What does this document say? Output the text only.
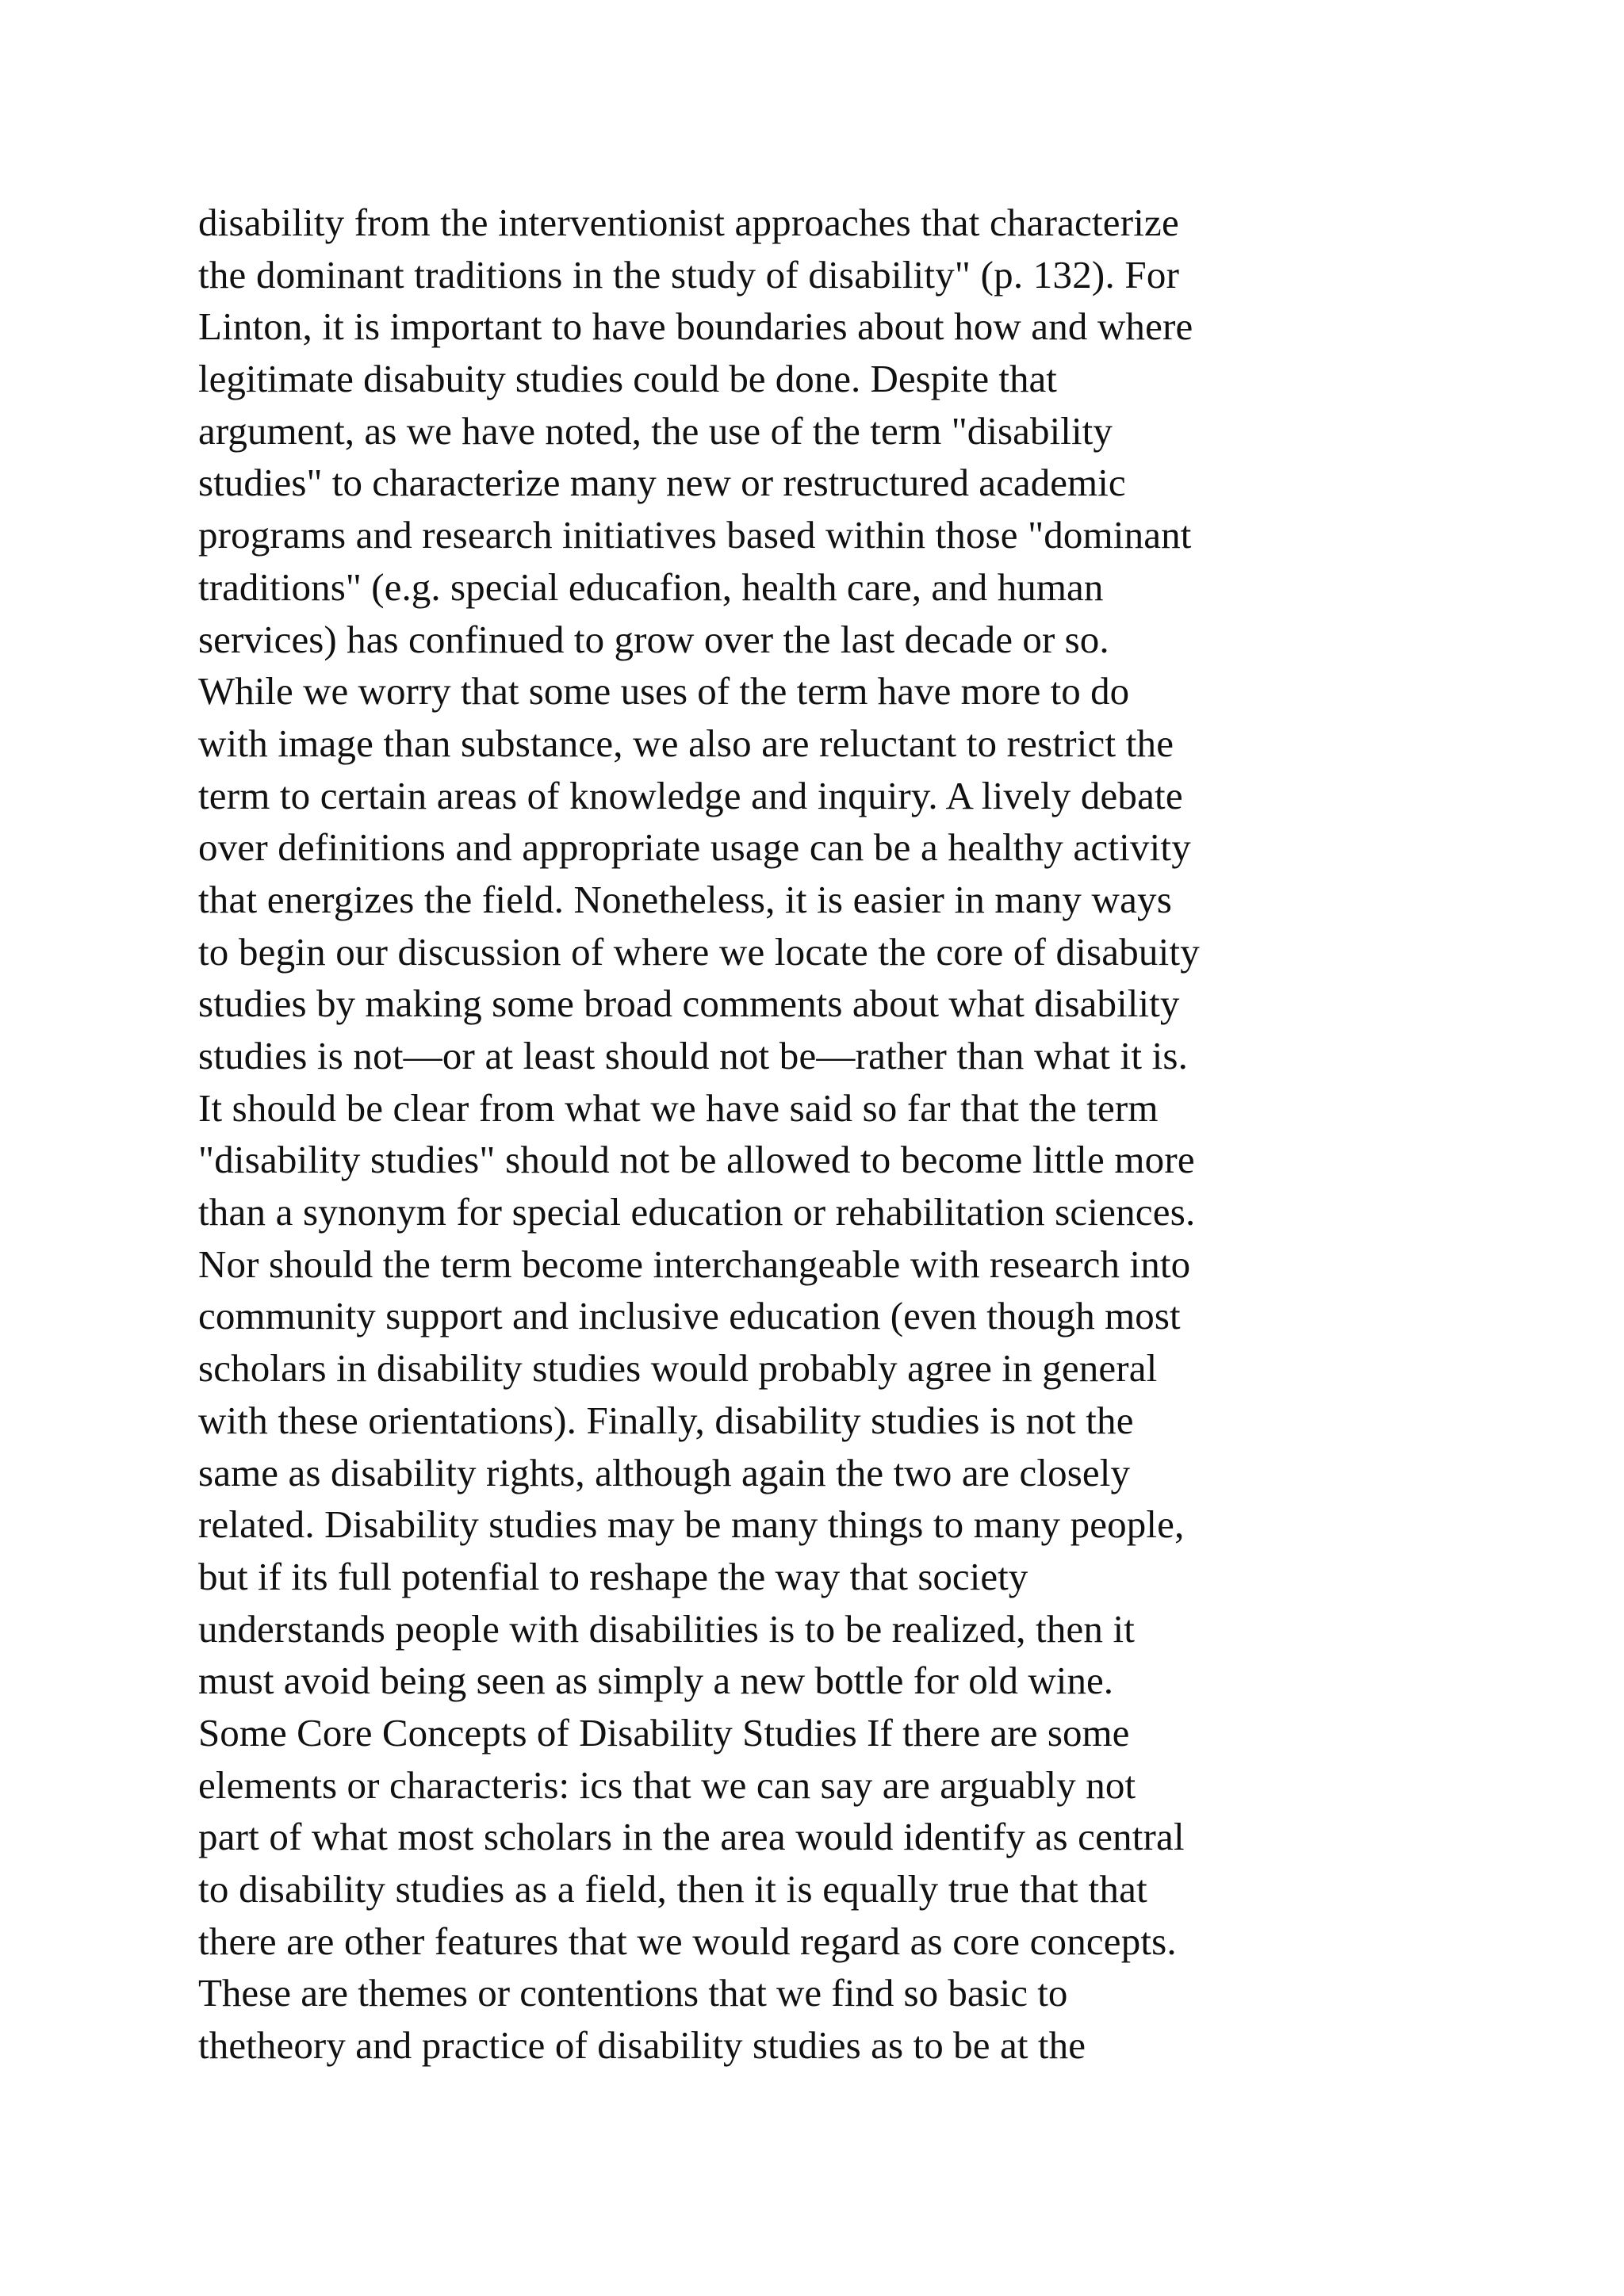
disability from the interventionist approaches that characterize
the dominant traditions in the study of disability" (p. 132). For
Linton, it is important to have boundaries about how and where
legitimate disabuity studies could be done. Despite that
argument, as we have noted, the use of the term "disability
studies" to characterize many new or restructured academic
programs and research initiatives based within those "dominant
traditions" (e.g. special educafion, health care, and human
services) has confinued to grow over the last decade or so.
While we worry that some uses of the term have more to do
with image than substance, we also are reluctant to restrict the
term to certain areas of knowledge and inquiry. A lively debate
over definitions and appropriate usage can be a healthy activity
that energizes the field. Nonetheless, it is easier in many ways
to begin our discussion of where we locate the core of disabuity
studies by making some broad comments about what disability
studies is not—or at least should not be—rather than what it is.
It should be clear from what we have said so far that the term
"disability studies" should not be allowed to become little more
than a synonym for special education or rehabilitation sciences.
Nor should the term become interchangeable with research into
community support and inclusive education (even though most
scholars in disability studies would probably agree in general
with these orientations). Finally, disability studies is not the
same as disability rights, although again the two are closely
related. Disability studies may be many things to many people,
but if its full potenfial to reshape the way that society
understands people with disabilities is to be realized, then it
must avoid being seen as simply a new bottle for old wine.
Some Core Concepts of Disability Studies If there are some
elements or characteris: ics that we can say are arguably not
part of what most scholars in the area would identify as central
to disability studies as a field, then it is equally true that that
there are other features that we would regard as core concepts.
These are themes or contentions that we find so basic to
thetheory and practice of disability studies as to be at the
